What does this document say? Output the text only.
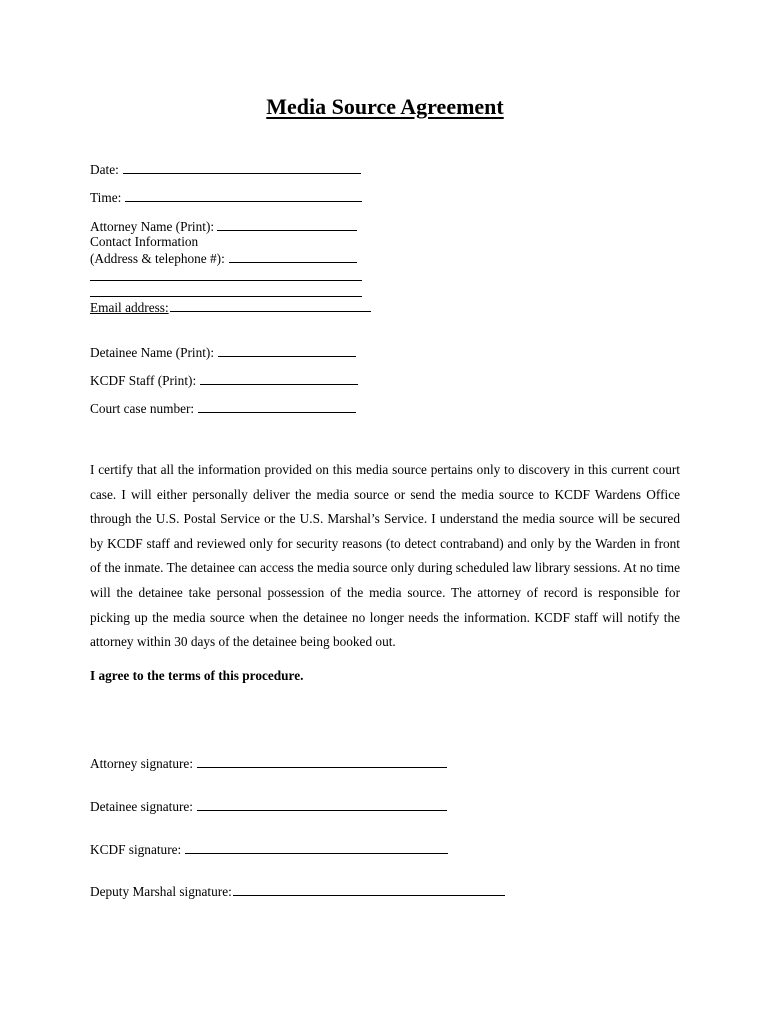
Media Source Agreement
Date:
Time:
Attorney Name (Print):
Contact Information
(Address & telephone #):
Email address:
Detainee Name (Print):
KCDF Staff (Print):
Court case number:
I certify that all the information provided on this media source pertains only to discovery in this current court case. I will either personally deliver the media source or send the media source to KCDF Wardens Office through the U.S. Postal Service or the U.S. Marshal’s Service. I understand the media source will be secured by KCDF staff and reviewed only for security reasons (to detect contraband) and only by the Warden in front of the inmate. The detainee can access the media source only during scheduled law library sessions. At no time will the detainee take personal possession of the media source. The attorney of record is responsible for picking up the media source when the detainee no longer needs the information. KCDF staff will notify the attorney within 30 days of the detainee being booked out.
I agree to the terms of this procedure.
Attorney signature:
Detainee signature:
KCDF signature:
Deputy Marshal signature:
